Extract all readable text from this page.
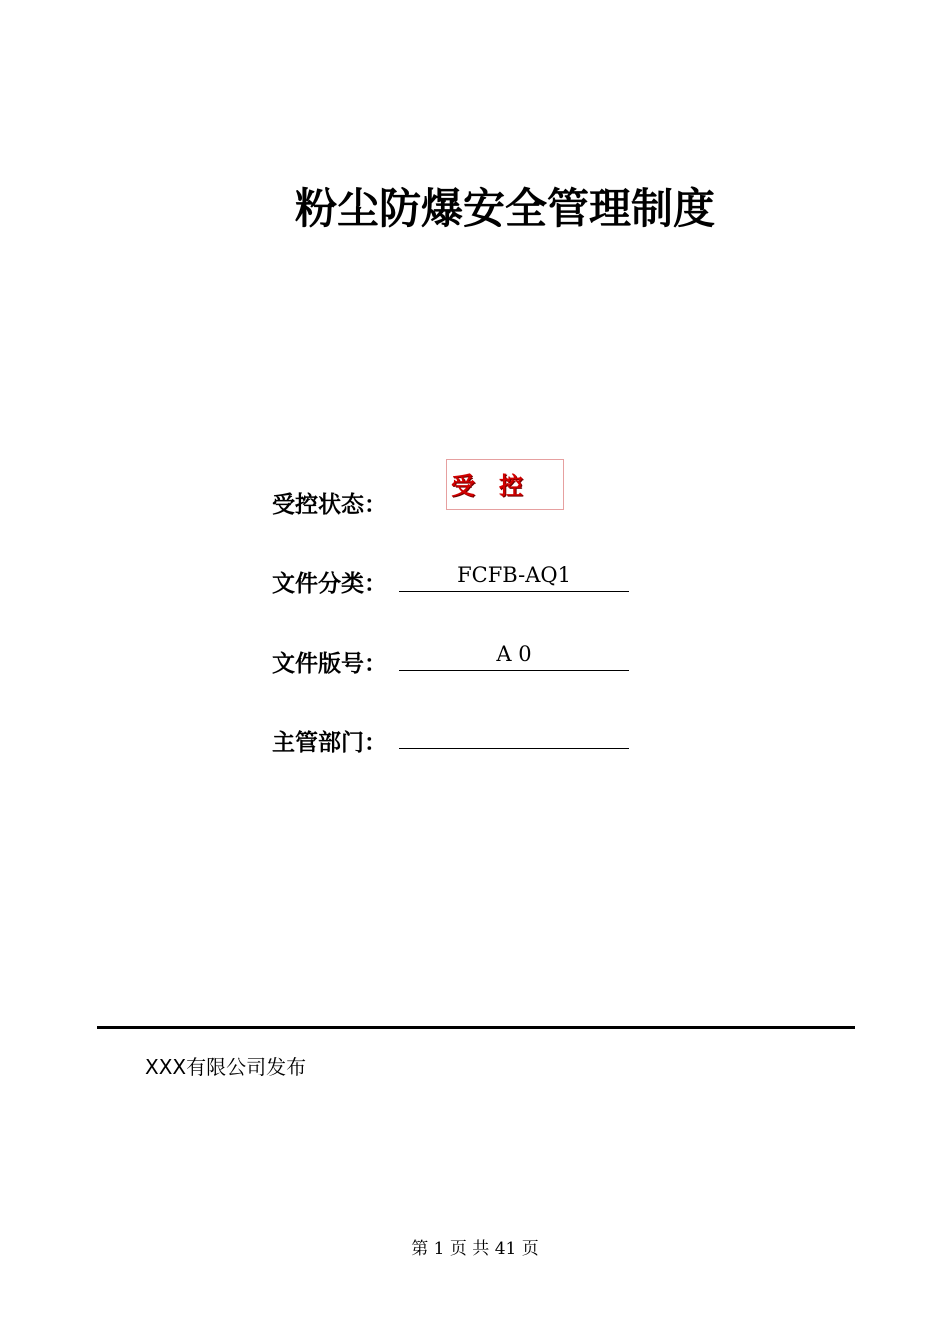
粉尘防爆安全管理制度
受控状态：
受控
文件分类：	FCFB-AQ1
文件版号：	A 0
主管部门：
XXX有限公司发布
第 1 页 共 41 页
